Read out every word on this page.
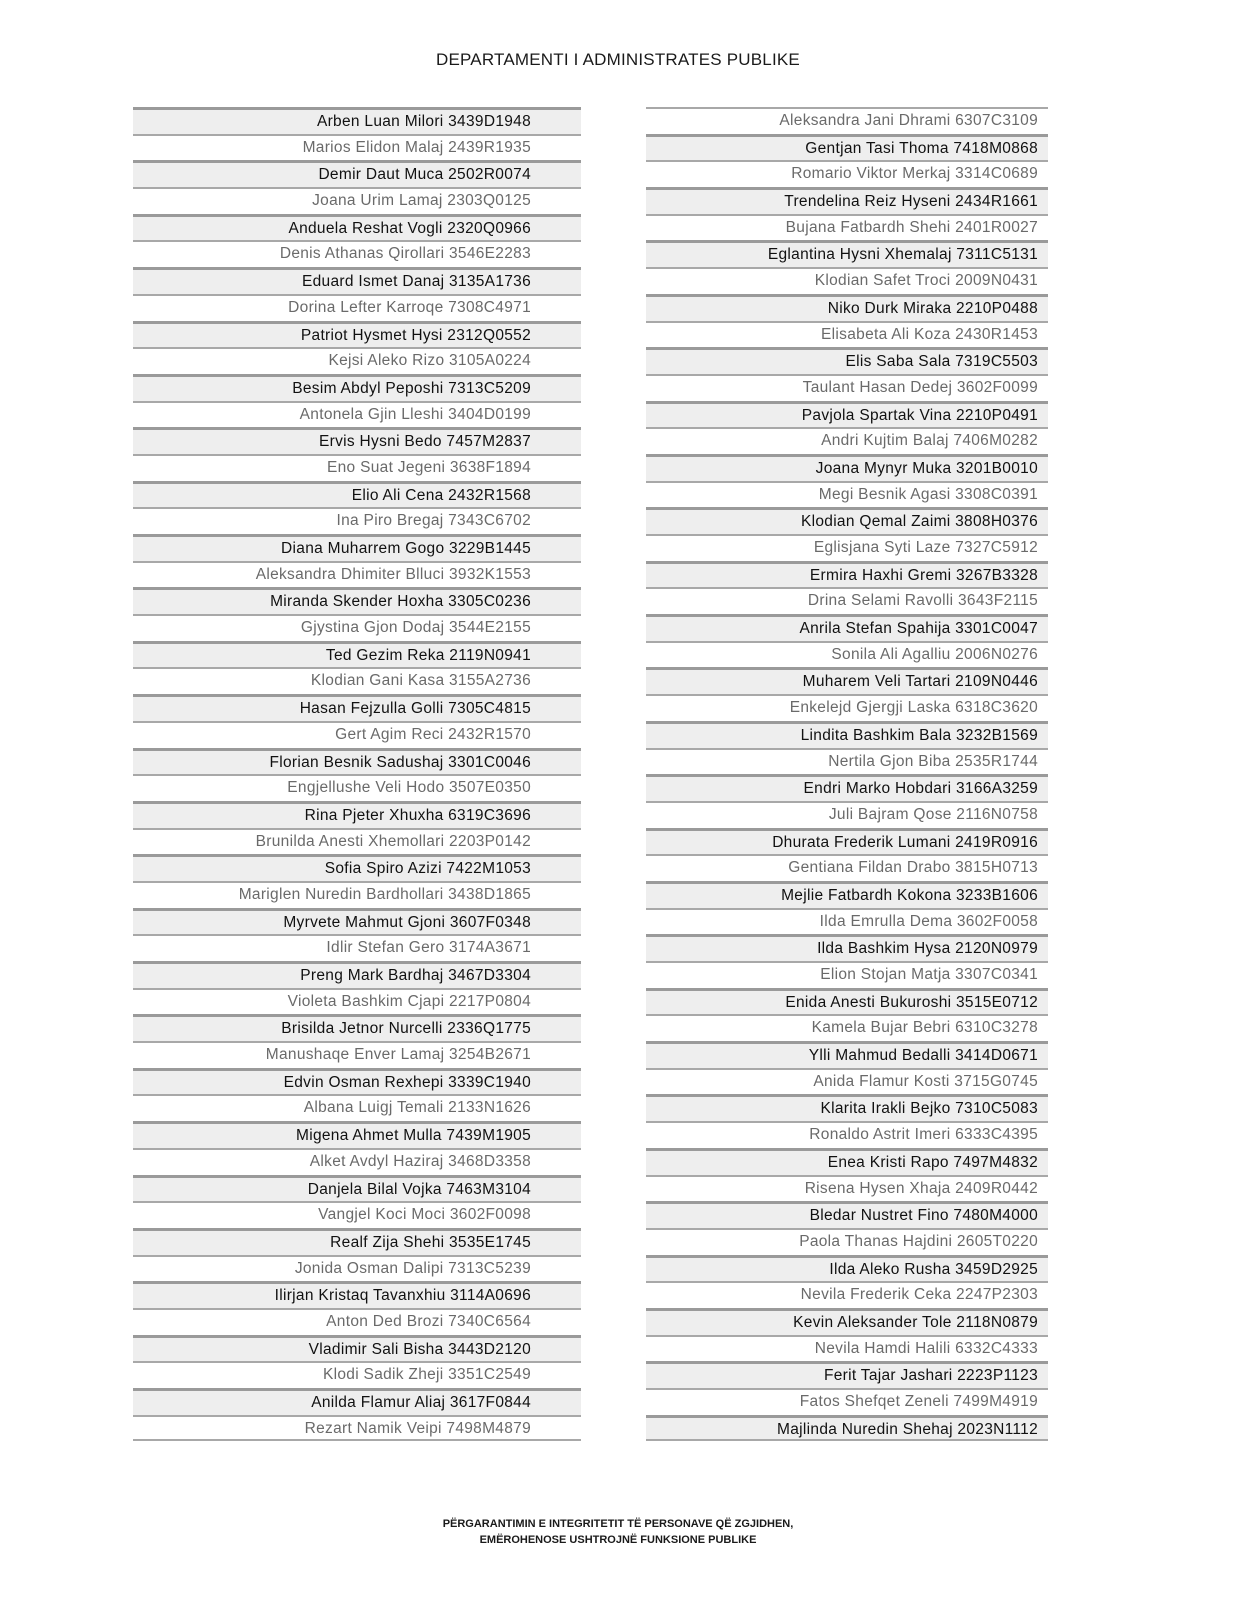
DEPARTAMENTI I ADMINISTRATES PUBLIKE
Arben Luan Milori 3439D1948
Marios Elidon Malaj 2439R1935
Demir Daut Muca 2502R0074
Joana Urim Lamaj 2303Q0125
Anduela Reshat Vogli 2320Q0966
Denis Athanas Qirollari 3546E2283
Eduard Ismet Danaj 3135A1736
Dorina Lefter Karroqe 7308C4971
Patriot Hysmet Hysi 2312Q0552
Kejsi Aleko Rizo 3105A0224
Besim Abdyl Peposhi 7313C5209
Antonela Gjin Lleshi 3404D0199
Ervis Hysni Bedo 7457M2837
Eno Suat Jegeni 3638F1894
Elio Ali Cena 2432R1568
Ina Piro Bregaj 7343C6702
Diana Muharrem Gogo 3229B1445
Aleksandra Dhimiter Blluci 3932K1553
Miranda Skender Hoxha 3305C0236
Gjystina Gjon Dodaj 3544E2155
Ted Gezim Reka 2119N0941
Klodian Gani Kasa 3155A2736
Hasan Fejzulla Golli 7305C4815
Gert Agim Reci 2432R1570
Florian Besnik Sadushaj 3301C0046
Engjellushe Veli Hodo 3507E0350
Rina Pjeter Xhuxha 6319C3696
Brunilda Anesti Xhemollari 2203P0142
Sofia Spiro Azizi 7422M1053
Mariglen Nuredin Bardhollari 3438D1865
Myrvete Mahmut Gjoni 3607F0348
Idlir Stefan Gero 3174A3671
Preng Mark Bardhaj 3467D3304
Violeta Bashkim Cjapi 2217P0804
Brisilda Jetnor Nurcelli 2336Q1775
Manushaqe Enver Lamaj 3254B2671
Edvin Osman Rexhepi 3339C1940
Albana Luigj Temali 2133N1626
Migena Ahmet Mulla 7439M1905
Alket Avdyl Haziraj 3468D3358
Danjela Bilal Vojka 7463M3104
Vangjel Koci Moci 3602F0098
Realf Zija Shehi 3535E1745
Jonida Osman Dalipi 7313C5239
Ilirjan Kristaq Tavanxhiu 3114A0696
Anton Ded Brozi 7340C6564
Vladimir Sali Bisha 3443D2120
Klodi Sadik Zheji 3351C2549
Anilda Flamur Aliaj 3617F0844
Rezart Namik Veipi 7498M4879
Aleksandra Jani Dhrami 6307C3109
Gentjan Tasi Thoma 7418M0868
Romario Viktor Merkaj 3314C0689
Trendelina Reiz Hyseni 2434R1661
Bujana Fatbardh Shehi 2401R0027
Eglantina Hysni Xhemalaj 7311C5131
Klodian Safet Troci 2009N0431
Niko Durk Miraka 2210P0488
Elisabeta Ali Koza 2430R1453
Elis Saba Sala 7319C5503
Taulant Hasan Dedej 3602F0099
Pavjola Spartak Vina 2210P0491
Andri Kujtim Balaj 7406M0282
Joana Mynyr Muka 3201B0010
Megi Besnik Agasi 3308C0391
Klodian Qemal Zaimi 3808H0376
Eglisjana Syti Laze 7327C5912
Ermira Haxhi Gremi 3267B3328
Drina Selami Ravolli 3643F2115
Anrila Stefan Spahija 3301C0047
Sonila Ali Agalliu 2006N0276
Muharem Veli Tartari 2109N0446
Enkelejd Gjergji Laska 6318C3620
Lindita Bashkim Bala 3232B1569
Nertila Gjon Biba 2535R1744
Endri Marko Hobdari 3166A3259
Juli Bajram Qose 2116N0758
Dhurata Frederik Lumani 2419R0916
Gentiana Fildan Drabo 3815H0713
Mejlie Fatbardh Kokona 3233B1606
Ilda Emrulla Dema 3602F0058
Ilda Bashkim Hysa 2120N0979
Elion Stojan Matja 3307C0341
Enida Anesti Bukuroshi 3515E0712
Kamela Bujar Bebri 6310C3278
Ylli Mahmud Bedalli 3414D0671
Anida Flamur Kosti 3715G0745
Klarita Irakli Bejko 7310C5083
Ronaldo Astrit Imeri 6333C4395
Enea Kristi Rapo 7497M4832
Risena Hysen Xhaja 2409R0442
Bledar Nustret Fino 7480M4000
Paola Thanas Hajdini 2605T0220
Ilda Aleko Rusha 3459D2925
Nevila Frederik Ceka 2247P2303
Kevin Aleksander Tole 2118N0879
Nevila Hamdi Halili 6332C4333
Ferit Tajar Jashari 2223P1123
Fatos Shefqet Zeneli 7499M4919
Majlinda Nuredin Shehaj 2023N1112
PËRGARANTIMIN E INTEGRITETIT TË PERSONAVE QË ZGJIDHEN,
EMËROHENOSE USHTROJNË FUNKSIONE PUBLIKE
